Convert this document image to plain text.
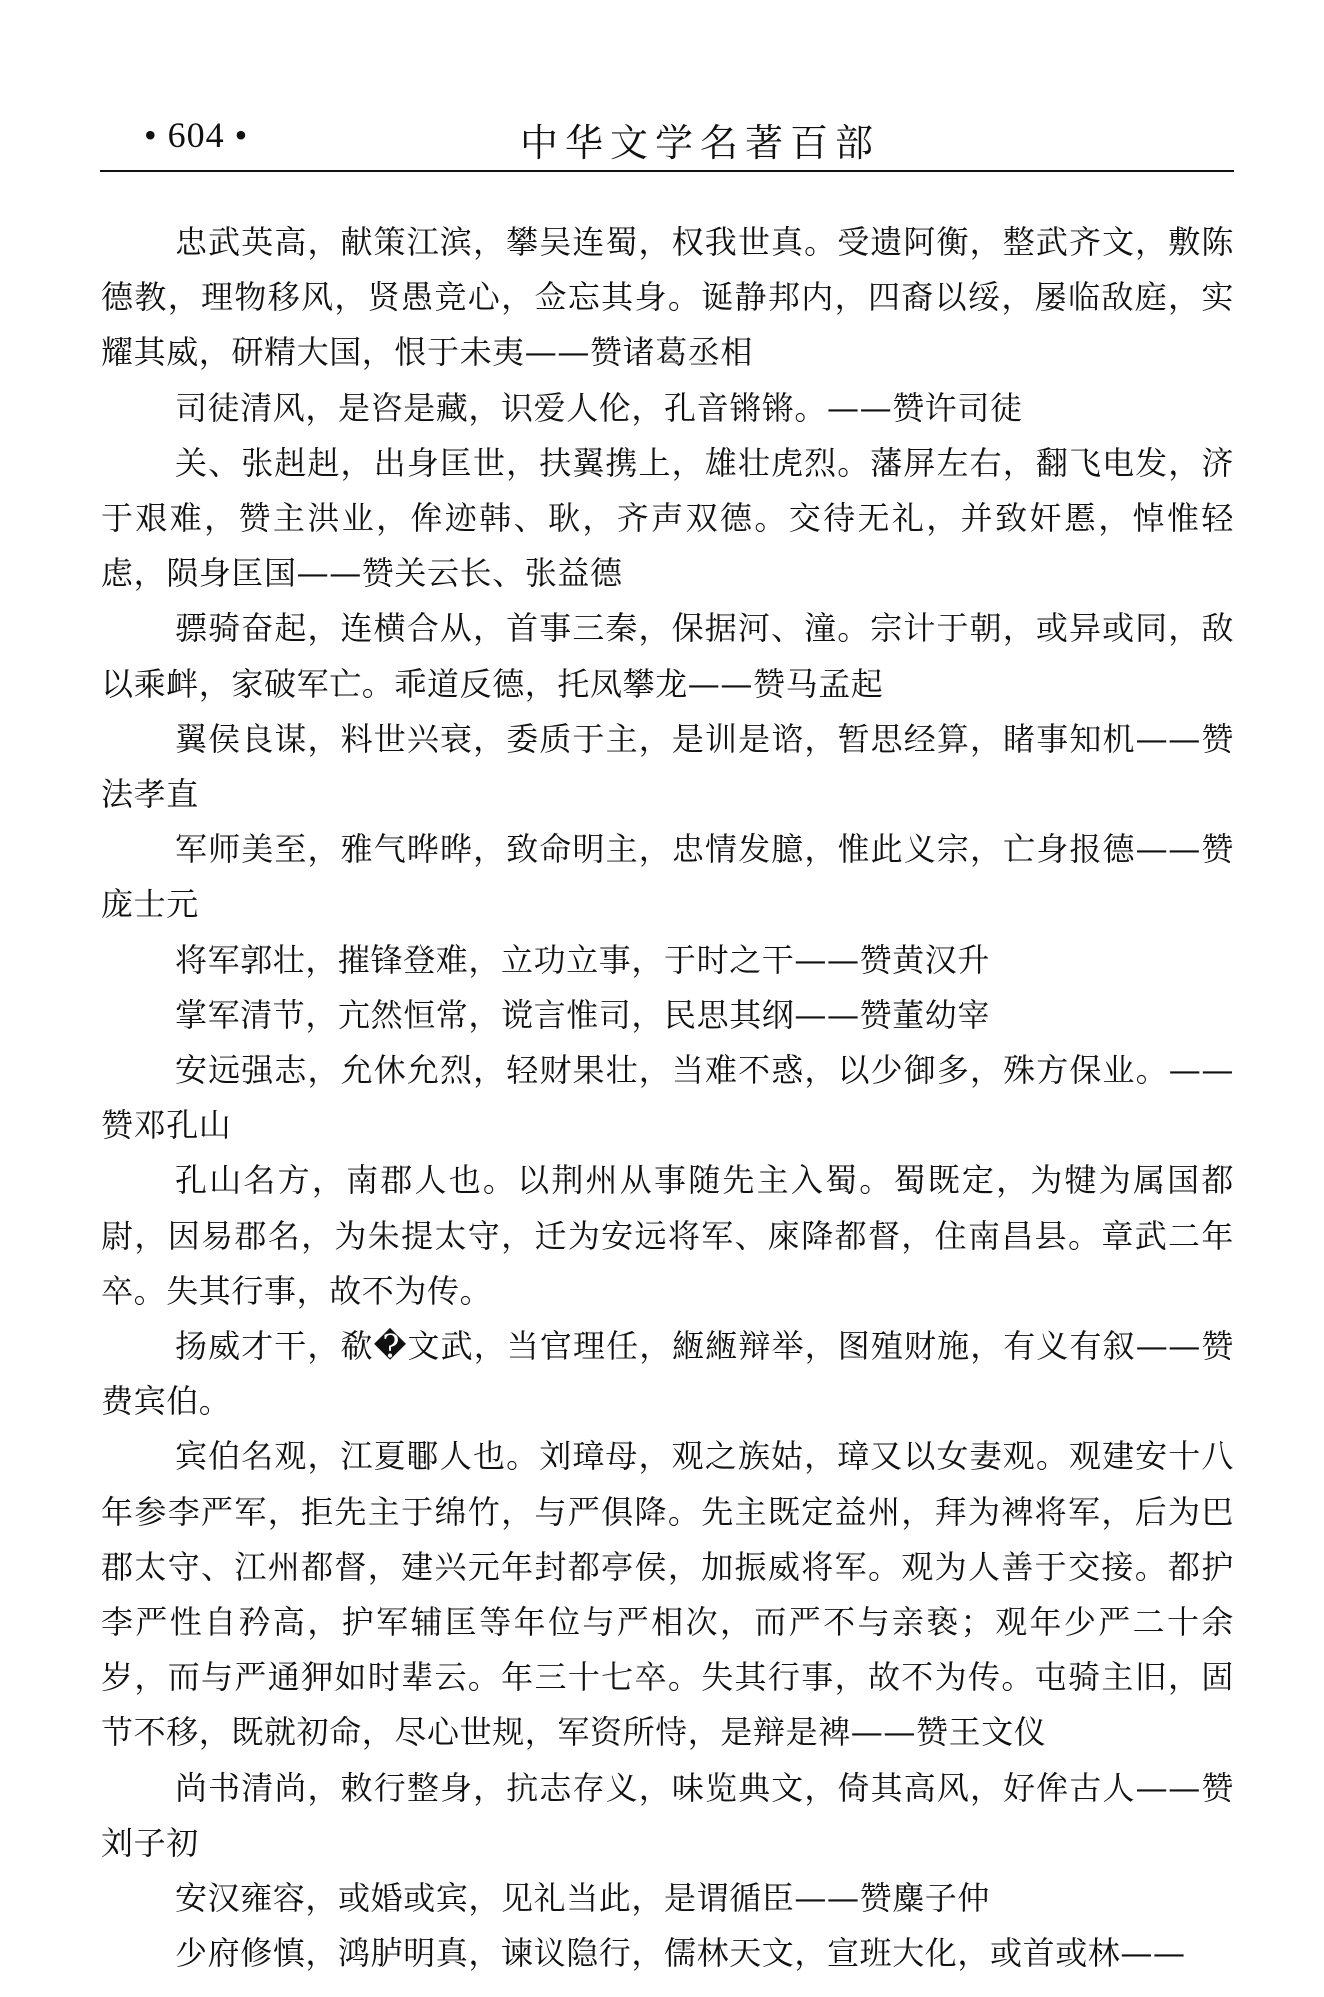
• 604 •	中华文学名著百部

忠武英高，献策江滨，攀吴连蜀，权我世真。受遗阿衡，整武齐文，敷陈德教，理物移风，贤愚竞心，佥忘其身。诞静邦内，四裔以绥，屡临敌庭，实耀其威，研精大国，恨于未夷——赞诸葛丞相

司徒清风，是咨是藏，识爱人伦，孔音锵锵。——赞许司徒

关、张赳赳，出身匡世，扶翼携上，雄壮虎烈。藩屏左右，翻飞电发，济于艰难，赞主洪业，侔迹韩、耿，齐声双德。交待无礼，并致奸慝，悼惟轻虑，陨身匡国——赞关云长、张益德

骠骑奋起，连横合从，首事三秦，保据河、潼。宗计于朝，或异或同，敌以乘衅，家破军亡。乖道反德，托凤攀龙——赞马孟起

翼侯良谋，料世兴衰，委质于主，是训是谘，暂思经算，睹事知机——赞法孝直

军师美至，雅气晔晔，致命明主，忠情发臆，惟此义宗，亡身报德——赞庞士元

将军郭壮，摧锋登难，立功立事，于时之干——赞黄汉升

掌军清节，亢然恒常，谠言惟司，民思其纲——赞董幼宰

安远强志，允休允烈，轻财果壮，当难不惑，以少御多，殊方保业。——赞邓孔山

孔山名方，南郡人也。以荆州从事随先主入蜀。蜀既定，为犍为属国都尉，因易郡名，为朱提太守，迁为安远将军、庲降都督，住南昌县。章武二年卒。失其行事，故不为传。

扬威才干，欷�文武，当官理任，緪緪辩举，图殖财施，有义有叙——赞费宾伯。

宾伯名观，江夏鄳人也。刘璋母，观之族姑，璋又以女妻观。观建安十八年参李严军，拒先主于绵竹，与严俱降。先主既定益州，拜为裨将军，后为巴郡太守、江州都督，建兴元年封都亭侯，加振威将军。观为人善于交接。都护李严性自矜高，护军辅匡等年位与严相次，而严不与亲亵；观年少严二十余岁，而与严通狎如时辈云。年三十七卒。失其行事，故不为传。屯骑主旧，固节不移，既就初命，尽心世规，军资所恃，是辩是裨——赞王文仪

尚书清尚，敕行整身，抗志存义，味览典文，倚其高风，好侔古人——赞刘子初

安汉雍容，或婚或宾，见礼当此，是谓循臣——赞麋子仲

少府修慎，鸿胪明真，谏议隐行，儒林天文，宣班大化，或首或林——
